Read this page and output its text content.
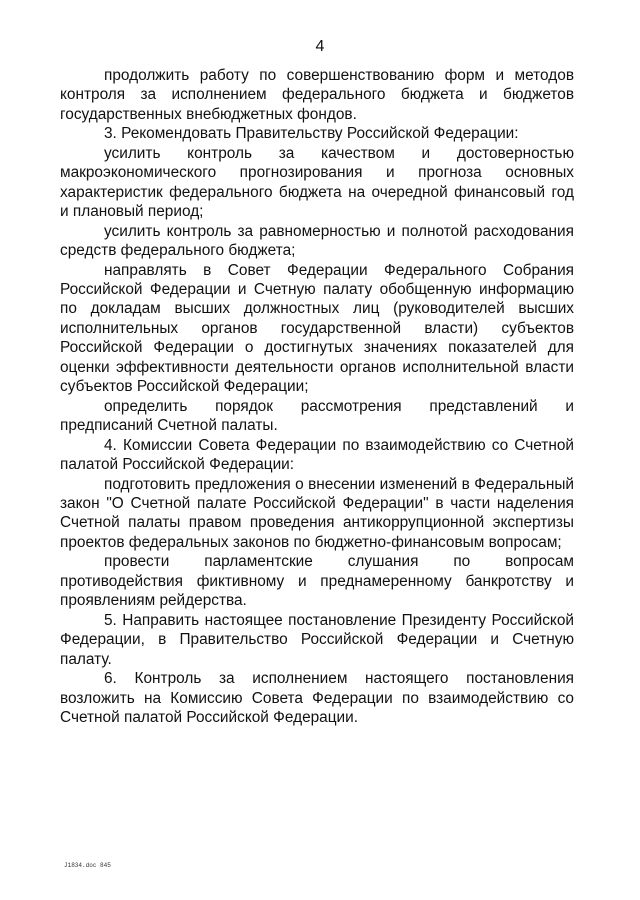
4

продолжить работу по совершенствованию форм и методов контроля за исполнением федерального бюджета и бюджетов государственных внебюджетных фондов.

3. Рекомендовать Правительству Российской Федерации:

усилить контроль за качеством и достоверностью макроэкономического прогнозирования и прогноза основных характеристик федерального бюджета на очередной финансовый год и плановый период;

усилить контроль за равномерностью и полнотой расходования средств федерального бюджета;

направлять в Совет Федерации Федерального Собрания Российской Федерации и Счетную палату обобщенную информацию по докладам высших должностных лиц (руководителей высших исполнительных органов государственной власти) субъектов Российской Федерации о достигнутых значениях показателей для оценки эффективности деятельности органов исполнительной власти субъектов Российской Федерации;

определить порядок рассмотрения представлений и предписаний Счетной палаты.

4. Комиссии Совета Федерации по взаимодействию со Счетной палатой Российской Федерации:

подготовить предложения о внесении изменений в Федеральный закон "О Счетной палате Российской Федерации" в части наделения Счетной палаты правом проведения антикоррупционной экспертизы проектов федеральных законов по бюджетно-финансовым вопросам;

провести парламентские слушания по вопросам противодействия фиктивному и преднамеренному банкротству и проявлениям рейдерства.

5. Направить настоящее постановление Президенту Российской Федерации, в Правительство Российской Федерации и Счетную палату.

6. Контроль за исполнением настоящего постановления возложить на Комиссию Совета Федерации по взаимодействию со Счетной палатой Российской Федерации.

J1834.doc 845
